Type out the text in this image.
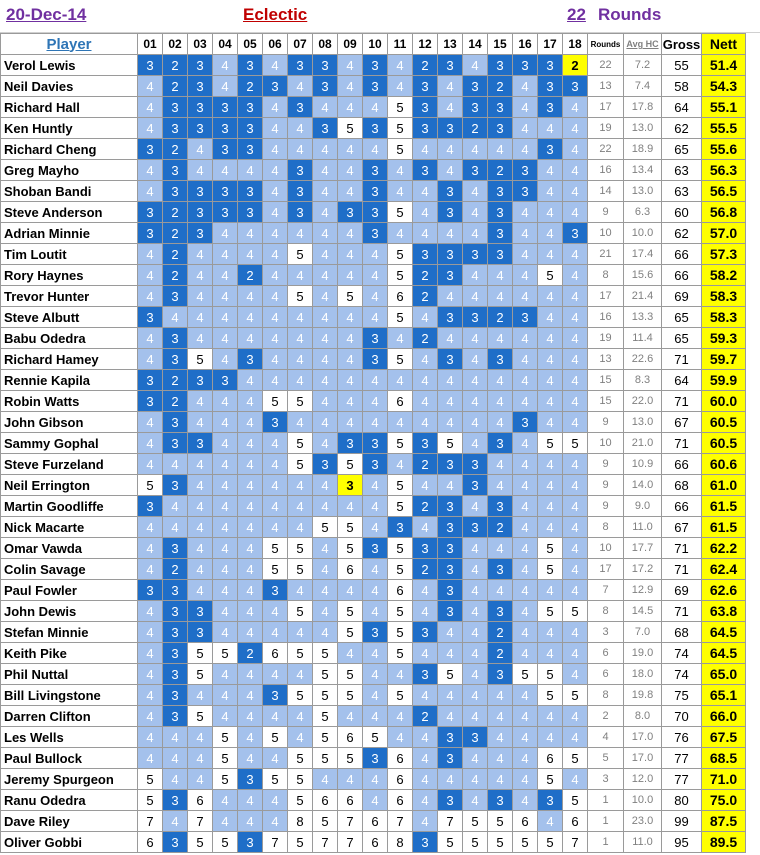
20-Dec-14	Eclectic	22 Rounds
Player	01	02	03	04	05	06	07	08	09	10	11	12	13	14	15	16	17	18	Rounds	Avg HC	Gross	Nett
Verol Lewis	3	2	3	4	3	4	3	3	4	3	4	2	3	4	3	3	3	2	22	7.2	55	51.4
Neil Davies	4	2	3	4	2	3	4	3	4	3	4	3	4	3	2	4	3	3	13	7.4	58	54.3
Richard Hall	4	3	3	3	3	4	3	4	4	4	5	3	4	3	3	4	3	4	17	17.8	64	55.1
Ken Huntly	4	3	3	3	3	4	4	3	5	3	5	3	3	2	3	4	4	4	19	13.0	62	55.5
Richard Cheng	3	2	4	3	3	4	4	4	4	4	5	4	4	4	4	4	3	4	22	18.9	65	55.6
Greg Mayho	4	3	4	4	4	4	3	4	4	3	4	3	4	3	2	3	4	4	16	13.4	63	56.3
Shoban Bandi	4	3	3	3	3	4	3	4	4	3	4	4	3	4	3	3	4	4	14	13.0	63	56.5
Steve Anderson	3	2	3	3	3	4	3	4	3	3	5	4	3	4	3	4	4	4	9	6.3	60	56.8
Adrian Minnie	3	2	3	4	4	4	4	4	4	3	4	4	4	4	3	4	4	3	10	10.0	62	57.0
Tim Loutit	4	2	4	4	4	4	5	4	4	4	5	3	3	3	3	4	4	4	21	17.4	66	57.3
Rory Haynes	4	2	4	4	2	4	4	4	4	4	5	2	3	4	4	4	5	4	8	15.6	66	58.2
Trevor Hunter	4	3	4	4	4	4	5	4	5	4	6	2	4	4	4	4	4	4	17	21.4	69	58.3
Steve Albutt	3	4	4	4	4	4	4	4	4	4	5	4	3	3	2	3	4	4	16	13.3	65	58.3
Babu Odedra	4	3	4	4	4	4	4	4	4	3	4	2	4	4	4	4	4	4	19	11.4	65	59.3
Richard Hamey	4	3	5	4	3	4	4	4	4	3	5	4	3	4	3	4	4	4	13	22.6	71	59.7
Rennie Kapila	3	2	3	3	4	4	4	4	4	4	4	4	4	4	4	4	4	4	15	8.3	64	59.9
Robin Watts	3	2	4	4	4	5	5	4	4	4	6	4	4	4	4	4	4	4	15	22.0	71	60.0
John Gibson	4	3	4	4	4	3	4	4	4	4	4	4	4	4	4	3	4	4	9	13.0	67	60.5
Sammy Gophal	4	3	3	4	4	4	5	4	3	3	5	3	5	4	3	4	5	5	10	21.0	71	60.5
Steve Furzeland	4	4	4	4	4	4	5	3	5	3	4	2	3	3	4	4	4	4	9	10.9	66	60.6
Neil Errington	5	3	4	4	4	4	4	4	3	4	5	4	4	3	4	4	4	4	9	14.0	68	61.0
Martin Goodliffe	3	4	4	4	4	4	4	4	4	4	5	2	3	4	3	4	4	4	9	9.0	66	61.5
Nick Macarte	4	4	4	4	4	4	4	5	5	4	3	4	3	3	2	4	4	4	8	11.0	67	61.5
Omar Vawda	4	3	4	4	4	5	5	4	5	3	5	3	3	4	4	4	5	4	10	17.7	71	62.2
Colin Savage	4	2	4	4	4	5	5	4	6	4	5	2	3	4	3	4	5	4	17	17.2	71	62.4
Paul Fowler	3	3	4	4	4	3	4	4	4	4	6	4	3	4	4	4	4	4	7	12.9	69	62.6
John Dewis	4	3	3	4	4	4	5	4	5	4	5	4	3	4	3	4	5	5	8	14.5	71	63.8
Stefan Minnie	4	3	3	4	4	4	4	4	5	3	5	3	4	4	2	4	4	4	3	7.0	68	64.5
Keith Pike	4	3	5	5	2	6	5	5	4	4	5	4	4	4	2	4	4	4	6	19.0	74	64.5
Phil Nuttal	4	3	5	4	4	4	4	5	5	4	4	3	5	4	3	5	5	4	6	18.0	74	65.0
Bill Livingstone	4	3	4	4	4	3	5	5	5	4	5	4	4	4	4	4	5	5	8	19.8	75	65.1
Darren Clifton	4	3	5	4	4	4	4	5	4	4	4	2	4	4	4	4	4	4	2	8.0	70	66.0
Les Wells	4	4	4	5	4	5	4	5	6	5	4	4	3	3	4	4	4	4	4	17.0	76	67.5
Paul Bullock	4	4	4	5	4	4	5	5	5	3	6	4	3	4	4	4	6	5	5	17.0	77	68.5
Jeremy Spurgeon	5	4	4	5	3	5	5	4	4	4	6	4	4	4	4	4	5	4	3	12.0	77	71.0
Ranu Odedra	5	3	6	4	4	4	5	6	6	4	6	4	3	4	3	4	3	5	1	10.0	80	75.0
Dave Riley	7	4	7	4	4	4	8	5	7	6	7	4	7	5	5	6	4	6	1	23.0	99	87.5
Oliver Gobbi	6	3	5	5	3	7	5	7	7	6	8	3	5	5	5	5	5	7	1	11.0	95	89.5
